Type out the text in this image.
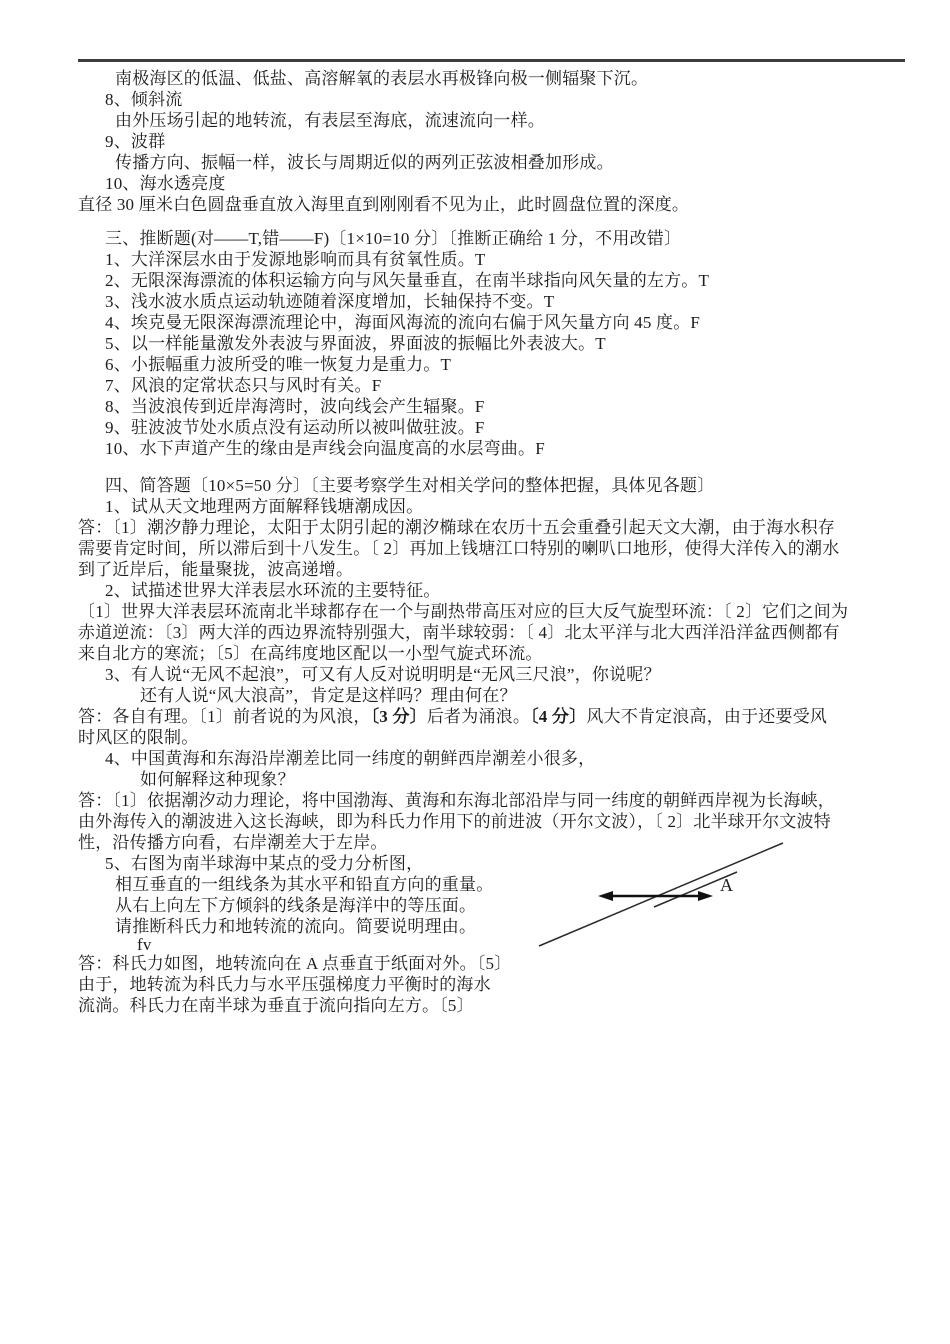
南极海区的低温、低盐、高溶解氧的表层水再极锋向极一侧辐聚下沉。

8、倾斜流

由外压场引起的地转流，有表层至海底，流速流向一样。

9、波群

传播方向、振幅一样，波长与周期近似的两列正弦波相叠加形成。

10、海水透亮度

直径 30 厘米白色圆盘垂直放入海里直到刚刚看不见为止，此时圆盘位置的深度。

三、推断题(对——T,错——F)〔1×10=10 分〕〔推断正确给 1 分，不用改错〕

1、大洋深层水由于发源地影响而具有贫氧性质。T

2、无限深海漂流的体积运输方向与风矢量垂直，在南半球指向风矢量的左方。T

3、浅水波水质点运动轨迹随着深度增加，长轴保持不变。T

4、埃克曼无限深海漂流理论中，海面风海流的流向右偏于风矢量方向 45 度。F

5、以一样能量激发外表波与界面波，界面波的振幅比外表波大。T

6、小振幅重力波所受的唯一恢复力是重力。T

7、风浪的定常状态只与风时有关。F

8、当波浪传到近岸海湾时，波向线会产生辐聚。F

9、驻波波节处水质点没有运动所以被叫做驻波。F

10、水下声道产生的缘由是声线会向温度高的水层弯曲。F

四、简答题〔10×5=50 分〕〔主要考察学生对相关学问的整体把握，具体见各题〕

1、试从天文地理两方面解释钱塘潮成因。

答：〔1〕潮汐静力理论，太阳于太阴引起的潮汐椭球在农历十五会重叠引起天文大潮，由于海水积存

需要肯定时间，所以滞后到十八发生。〔 2〕再加上钱塘江口特别的喇叭口地形，使得大洋传入的潮水

到了近岸后，能量聚拢，波高递增。

2、试描述世界大洋表层水环流的主要特征。

〔1〕世界大洋表层环流南北半球都存在一个与副热带高压对应的巨大反气旋型环流：〔 2〕它们之间为

赤道逆流：〔3〕两大洋的西边界流特别强大，南半球较弱：〔 4〕北太平洋与北大西洋沿洋盆西侧都有

来自北方的寒流；〔5〕在高纬度地区配以一小型气旋式环流。

3、有人说“无风不起浪”，可又有人反对说明明是“无风三尺浪”，你说呢？

还有人说“风大浪高”，肯定是这样吗？理由何在？

答：各自有理。〔1〕前者说的为风浪，〔3 分〕后者为涌浪。〔4 分〕风大不肯定浪高，由于还要受风

时风区的限制。

4、中国黄海和东海沿岸潮差比同一纬度的朝鲜西岸潮差小很多，

如何解释这种现象？

答：〔1〕依据潮汐动力理论，将中国渤海、黄海和东海北部沿岸与同一纬度的朝鲜西岸视为长海峡，

由外海传入的潮波进入这长海峡，即为科氏力作用下的前进波（开尔文波），〔 2〕北半球开尔文波特

性，沿传播方向看，右岸潮差大于左岸。

5、右图为南半球海中某点的受力分析图，

相互垂直的一组线条为其水平和铅直方向的重量。

从右上向左下方倾斜的线条是海洋中的等压面。

请推断科氏力和地转流的流向。简要说明理由。

fv

答：科氏力如图，地转流向在 A 点垂直于纸面对外。〔5〕

由于，地转流为科氏力与水平压强梯度力平衡时的海水

流淌。科氏力在南半球为垂直于流向指向左方。〔5〕

A
